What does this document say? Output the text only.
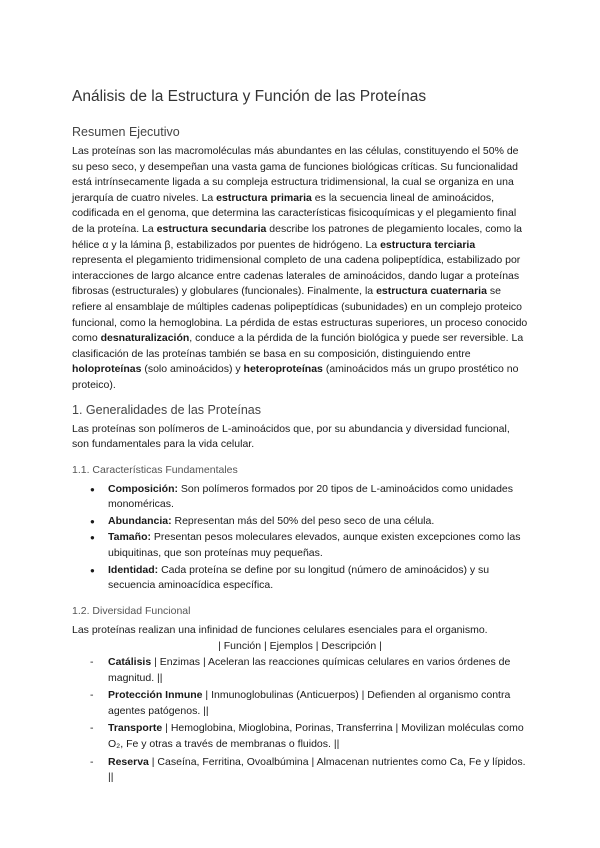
Análisis de la Estructura y Función de las Proteínas
Resumen Ejecutivo

Las proteínas son las macromoléculas más abundantes en las células, constituyendo el 50% de su peso seco, y desempeñan una vasta gama de funciones biológicas críticas. Su funcionalidad está intrínsecamente ligada a su compleja estructura tridimensional, la cual se organiza en una jerarquía de cuatro niveles. La estructura primaria es la secuencia lineal de aminoácidos, codificada en el genoma, que determina las características fisicoquímicas y el plegamiento final de la proteína. La estructura secundaria describe los patrones de plegamiento locales, como la hélice α y la lámina β, estabilizados por puentes de hidrógeno. La estructura terciaria representa el plegamiento tridimensional completo de una cadena polipeptídica, estabilizado por interacciones de largo alcance entre cadenas laterales de aminoácidos, dando lugar a proteínas fibrosas (estructurales) y globulares (funcionales). Finalmente, la estructura cuaternaria se refiere al ensamblaje de múltiples cadenas polipeptídicas (subunidades) en un complejo proteico funcional, como la hemoglobina. La pérdida de estas estructuras superiores, un proceso conocido como desnaturalización, conduce a la pérdida de la función biológica y puede ser reversible. La clasificación de las proteínas también se basa en su composición, distinguiendo entre holoproteínas (solo aminoácidos) y heteroproteínas (aminoácidos más un grupo prostético no proteico).

1. Generalidades de las Proteínas

Las proteínas son polímeros de L-aminoácidos que, por su abundancia y diversidad funcional, son fundamentales para la vida celular.

1.1. Características Fundamentales
● Composición: Son polímeros formados por 20 tipos de L-aminoácidos como unidades monoméricas.
● Abundancia: Representan más del 50% del peso seco de una célula.
● Tamaño: Presentan pesos moleculares elevados, aunque existen excepciones como las ubiquitinas, que son proteínas muy pequeñas.
● Identidad: Cada proteína se define por su longitud (número de aminoácidos) y su secuencia aminoacídica específica.
1.2. Diversidad Funcional

Las proteínas realizan una infinidad de funciones celulares esenciales para el organismo.

| Función | Ejemplos | Descripción |
- Catálisis | Enzimas | Aceleran las reacciones químicas celulares en varios órdenes de magnitud. ||
- Protección Inmune | Inmunoglobulinas (Anticuerpos) | Defienden al organismo contra agentes patógenos. ||
- Transporte | Hemoglobina, Mioglobina, Porinas, Transferrina | Movilizan moléculas como O₂, Fe y otras a través de membranas o fluidos. ||
- Reserva | Caseína, Ferritina, Ovoalbúmina | Almacenan nutrientes como Ca, Fe y lípidos. ||
